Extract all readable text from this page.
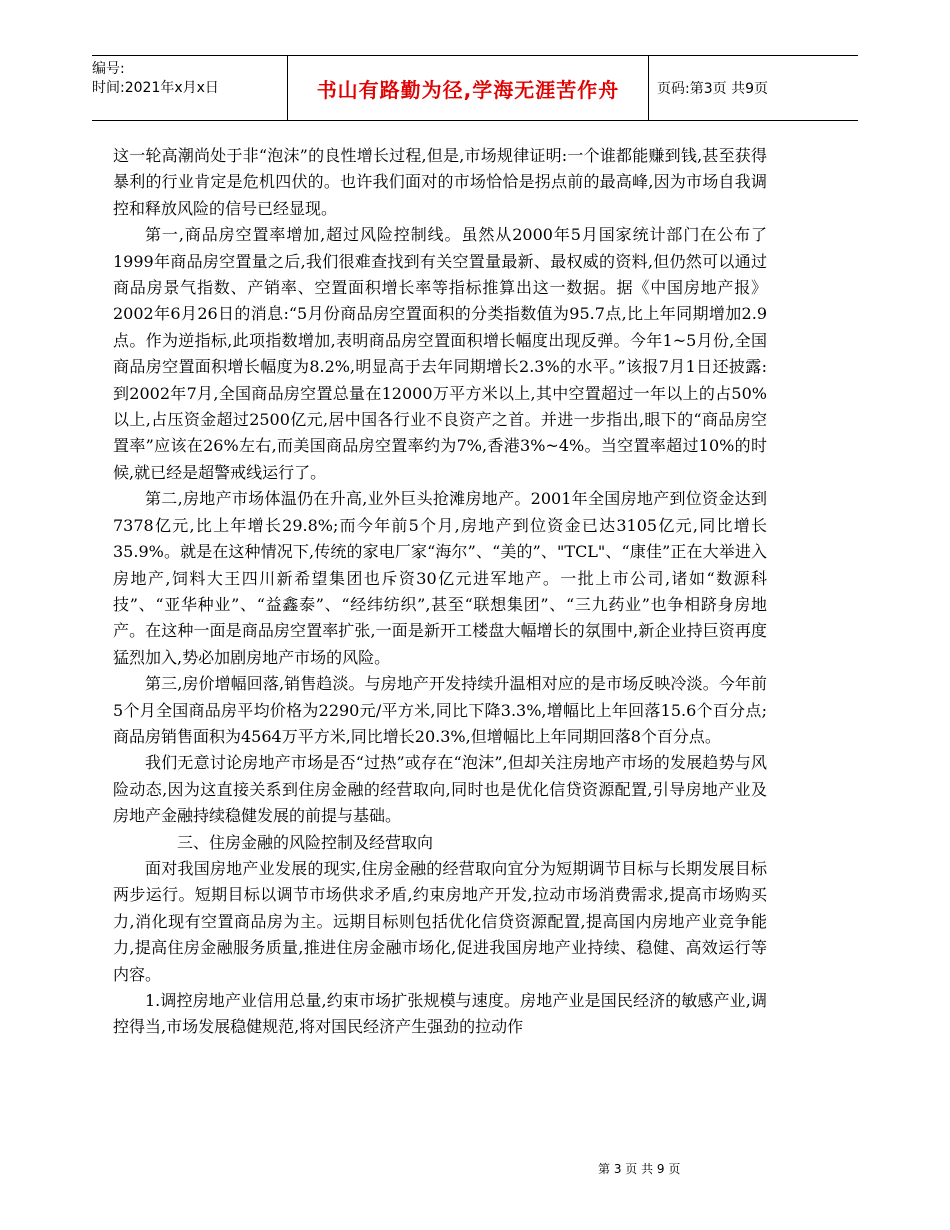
编号:
时间:2021年x月x日	书山有路勤为径,学海无涯苦作舟	页码:第3页 共9页

这一轮高潮尚处于非“泡沫”的良性增长过程,但是,市场规律证明:一个谁都能赚到钱,甚至获得暴利的行业肯定是危机四伏的。也许我们面对的市场恰恰是拐点前的最高峰,因为市场自我调控和释放风险的信号已经显现。

第一,商品房空置率增加,超过风险控制线。虽然从2000年5月国家统计部门在公布了1999年商品房空置量之后,我们很难查找到有关空置量最新、最权威的资料,但仍然可以通过商品房景气指数、产销率、空置面积增长率等指标推算出这一数据。据《中国房地产报》2002年6月26日的消息:“5月份商品房空置面积的分类指数值为95.7点,比上年同期增加2.9点。作为逆指标,此项指数增加,表明商品房空置面积增长幅度出现反弹。今年1~5月份,全国商品房空置面积增长幅度为8.2%,明显高于去年同期增长2.3%的水平。”该报7月1日还披露:到2002年7月,全国商品房空置总量在12000万平方米以上,其中空置超过一年以上的占50%以上,占压资金超过2500亿元,居中国各行业不良资产之首。并进一步指出,眼下的“商品房空置率”应该在26%左右,而美国商品房空置率约为7%,香港3%~4%。当空置率超过10%的时候,就已经是超警戒线运行了。

第二,房地产市场体温仍在升高,业外巨头抢滩房地产。2001年全国房地产到位资金达到7378亿元,比上年增长29.8%;而今年前5个月,房地产到位资金已达3105亿元,同比增长35.9%。就是在这种情况下,传统的家电厂家“海尔”、“美的”、"TCL"、“康佳”正在大举进入房地产,饲料大王四川新希望集团也斥资30亿元进军地产。一批上市公司,诸如“数源科技”、“亚华种业”、“益鑫泰”、“经纬纺织”,甚至“联想集团”、“三九药业”也争相跻身房地产。在这种一面是商品房空置率扩张,一面是新开工楼盘大幅增长的氛围中,新企业持巨资再度猛烈加入,势必加剧房地产市场的风险。

第三,房价增幅回落,销售趋淡。与房地产开发持续升温相对应的是市场反映冷淡。今年前5个月全国商品房平均价格为2290元/平方米,同比下降3.3%,增幅比上年回落15.6个百分点;商品房销售面积为4564万平方米,同比增长20.3%,但增幅比上年同期回落8个百分点。

我们无意讨论房地产市场是否“过热”或存在“泡沫”,但却关注房地产市场的发展趋势与风险动态,因为这直接关系到住房金融的经营取向,同时也是优化信贷资源配置,引导房地产业及房地产金融持续稳健发展的前提与基础。

三、住房金融的风险控制及经营取向

面对我国房地产业发展的现实,住房金融的经营取向宜分为短期调节目标与长期发展目标两步运行。短期目标以调节市场供求矛盾,约束房地产开发,拉动市场消费需求,提高市场购买力,消化现有空置商品房为主。远期目标则包括优化信贷资源配置,提高国内房地产业竞争能力,提高住房金融服务质量,推进住房金融市场化,促进我国房地产业持续、稳健、高效运行等内容。

1.调控房地产业信用总量,约束市场扩张规模与速度。房地产业是国民经济的敏感产业,调控得当,市场发展稳健规范,将对国民经济产生强劲的拉动作

第 3 页 共 9 页
